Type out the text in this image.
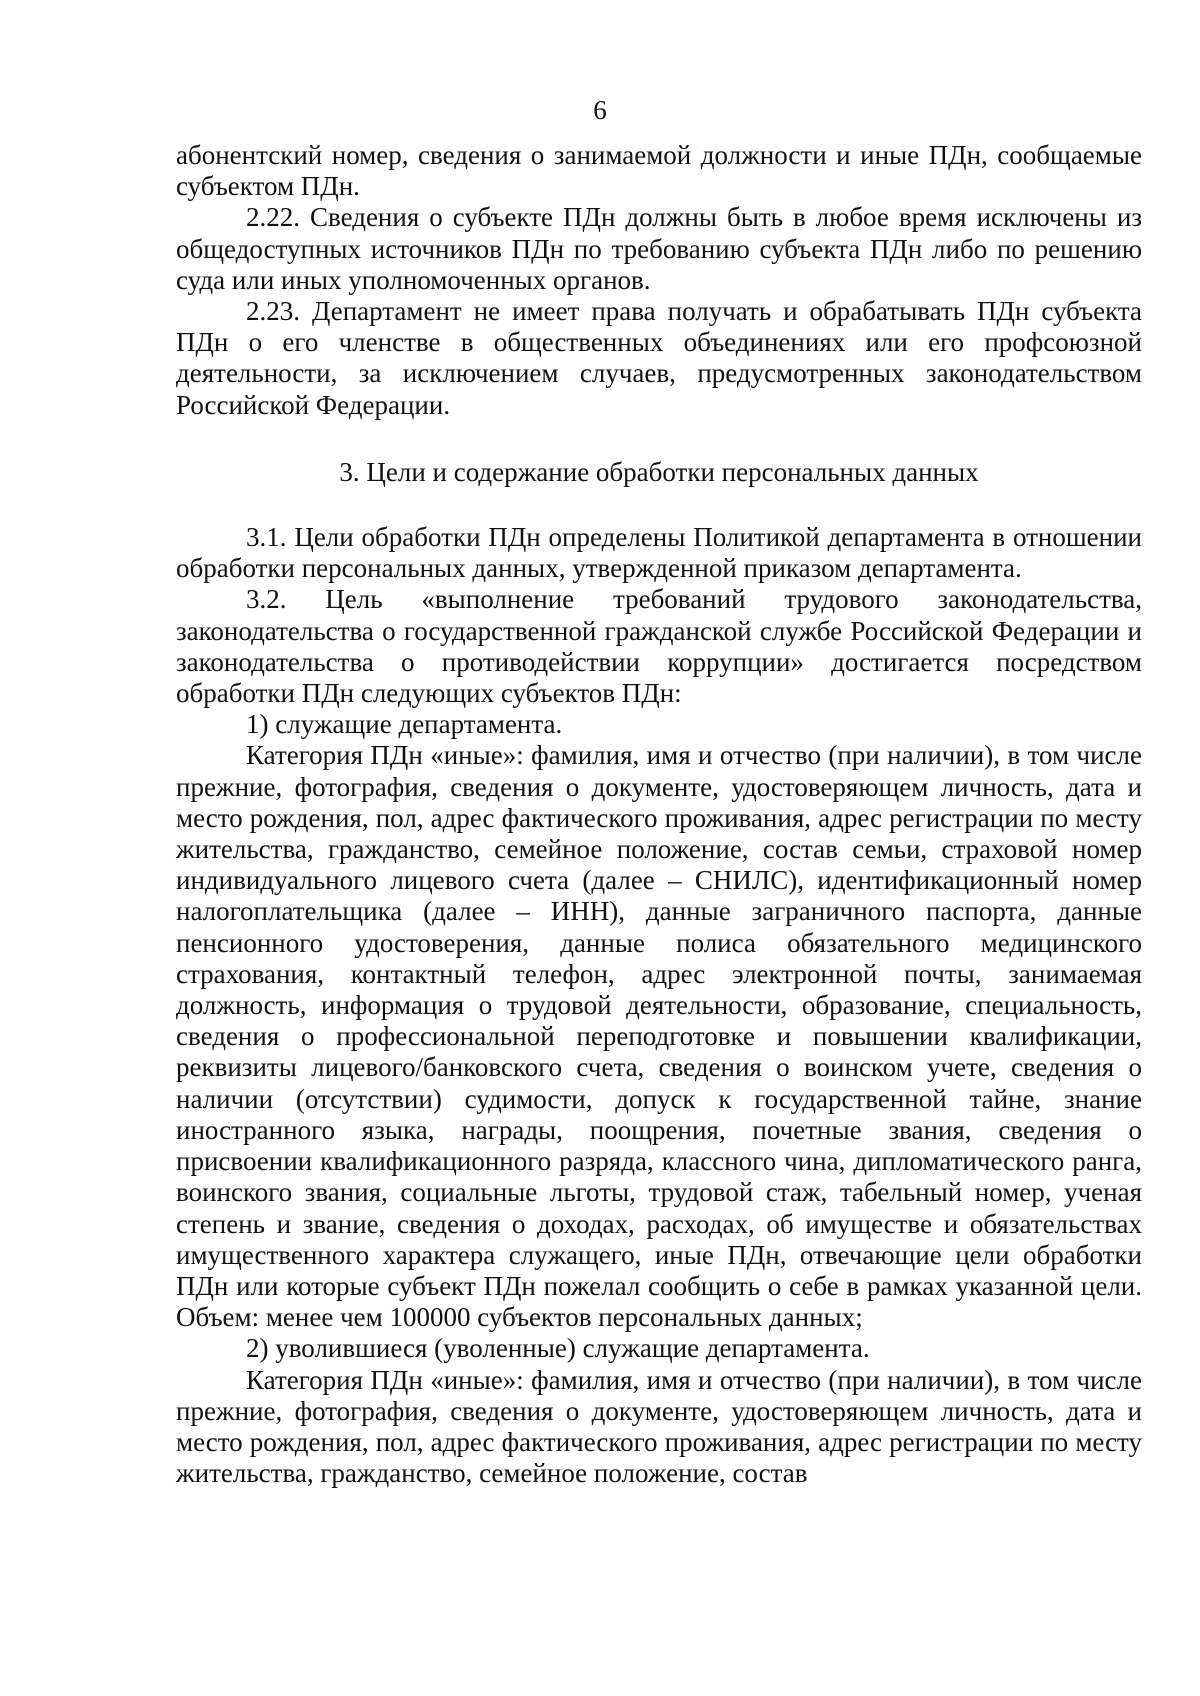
6

абонентский номер, сведения о занимаемой должности и иные ПДн, сообщаемые субъектом ПДн.

2.22. Сведения о субъекте ПДн должны быть в любое время исключены из общедоступных источников ПДн по требованию субъекта ПДн либо по решению суда или иных уполномоченных органов.

2.23. Департамент не имеет права получать и обрабатывать ПДн субъекта ПДн о его членстве в общественных объединениях или его профсоюзной деятельности, за исключением случаев, предусмотренных законодательством Российской Федерации.

3. Цели и содержание обработки персональных данных

3.1. Цели обработки ПДн определены Политикой департамента в отношении обработки персональных данных, утвержденной приказом департамента.

3.2. Цель «выполнение требований трудового законодательства, законодательства о государственной гражданской службе Российской Федерации и законодательства о противодействии коррупции» достигается посредством обработки ПДн следующих субъектов ПДн:

1) служащие департамента.

Категория ПДн «иные»: фамилия, имя и отчество (при наличии), в том числе прежние, фотография, сведения о документе, удостоверяющем личность, дата и место рождения, пол, адрес фактического проживания, адрес регистрации по месту жительства, гражданство, семейное положение, состав семьи, страховой номер индивидуального лицевого счета (далее – СНИЛС), идентификационный номер налогоплательщика (далее – ИНН), данные заграничного паспорта, данные пенсионного удостоверения, данные полиса обязательного медицинского страхования, контактный телефон, адрес электронной почты, занимаемая должность, информация о трудовой деятельности, образование, специальность, сведения о профессиональной переподготовке и повышении квалификации, реквизиты лицевого/банковского счета, сведения о воинском учете, сведения о наличии (отсутствии) судимости, допуск к государственной тайне, знание иностранного языка, награды, поощрения, почетные звания, сведения о присвоении квалификационного разряда, классного чина, дипломатического ранга, воинского звания, социальные льготы, трудовой стаж, табельный номер, ученая степень и звание, сведения о доходах, расходах, об имуществе и обязательствах имущественного характера служащего, иные ПДн, отвечающие цели обработки ПДн или которые субъект ПДн пожелал сообщить о себе в рамках указанной цели. Объем: менее чем 100000 субъектов персональных данных;

2) уволившиеся (уволенные) служащие департамента.

Категория ПДн «иные»: фамилия, имя и отчество (при наличии), в том числе прежние, фотография, сведения о документе, удостоверяющем личность, дата и место рождения, пол, адрес фактического проживания, адрес регистрации по месту жительства, гражданство, семейное положение, состав
